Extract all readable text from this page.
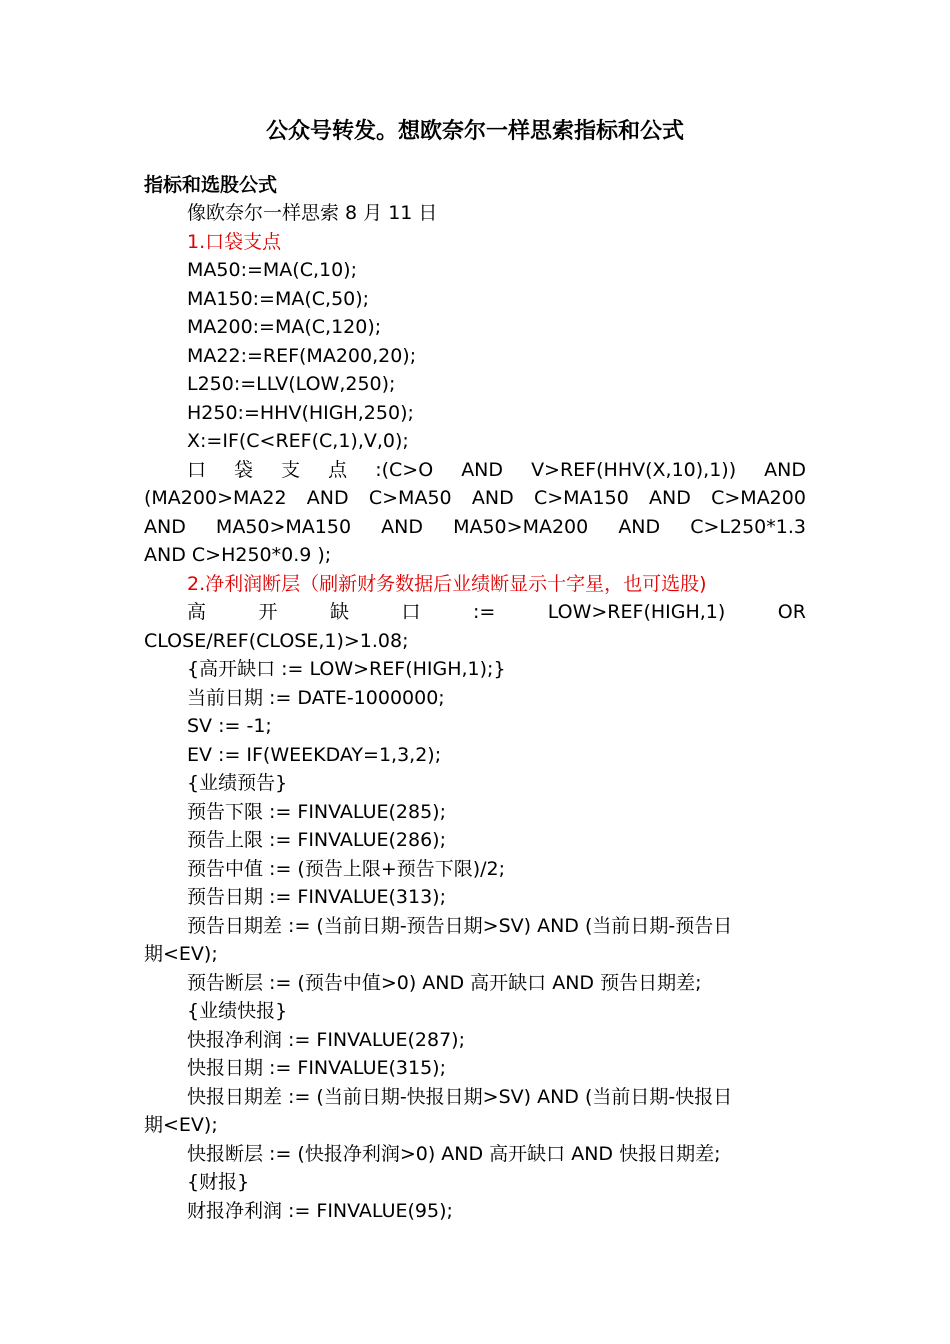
公众号转发。想欧奈尔一样思索指标和公式
指标和选股公式
像欧奈尔一样思索 8 月 11 日
1.口袋支点
MA50:=MA(C,10);
MA150:=MA(C,50);
MA200:=MA(C,120);
MA22:=REF(MA200,20);
L250:=LLV(LOW,250);
H250:=HHV(HIGH,250);
X:=IF(C<REF(C,1),V,0);
口 袋 支 点 :(C>O AND V>REF(HHV(X,10),1)) AND
(MA200>MA22 AND C>MA50 AND C>MA150 AND C>MA200
AND MA50>MA150 AND MA50>MA200 AND C>L250*1.3
AND C>H250*0.9 );
2.净利润断层（刷新财务数据后业绩断显示十字星，也可选股)
高	开	缺	口	:=	LOW>REF(HIGH,1)	OR
CLOSE/REF(CLOSE,1)>1.08;
{高开缺口 := LOW>REF(HIGH,1);}
当前日期 := DATE-1000000;
SV := -1;
EV := IF(WEEKDAY=1,3,2);
{业绩预告}
预告下限 := FINVALUE(285);
预告上限 := FINVALUE(286);
预告中值 := (预告上限+预告下限)/2;
预告日期 := FINVALUE(313);
预告日期差 := (当前日期-预告日期>SV) AND (当前日期-预告日
期<EV);
预告断层 := (预告中值>0) AND 高开缺口 AND 预告日期差;
{业绩快报}
快报净利润 := FINVALUE(287);
快报日期 := FINVALUE(315);
快报日期差 := (当前日期-快报日期>SV) AND (当前日期-快报日
期<EV);
快报断层 := (快报净利润>0) AND 高开缺口 AND 快报日期差;
{财报}
财报净利润 := FINVALUE(95);
